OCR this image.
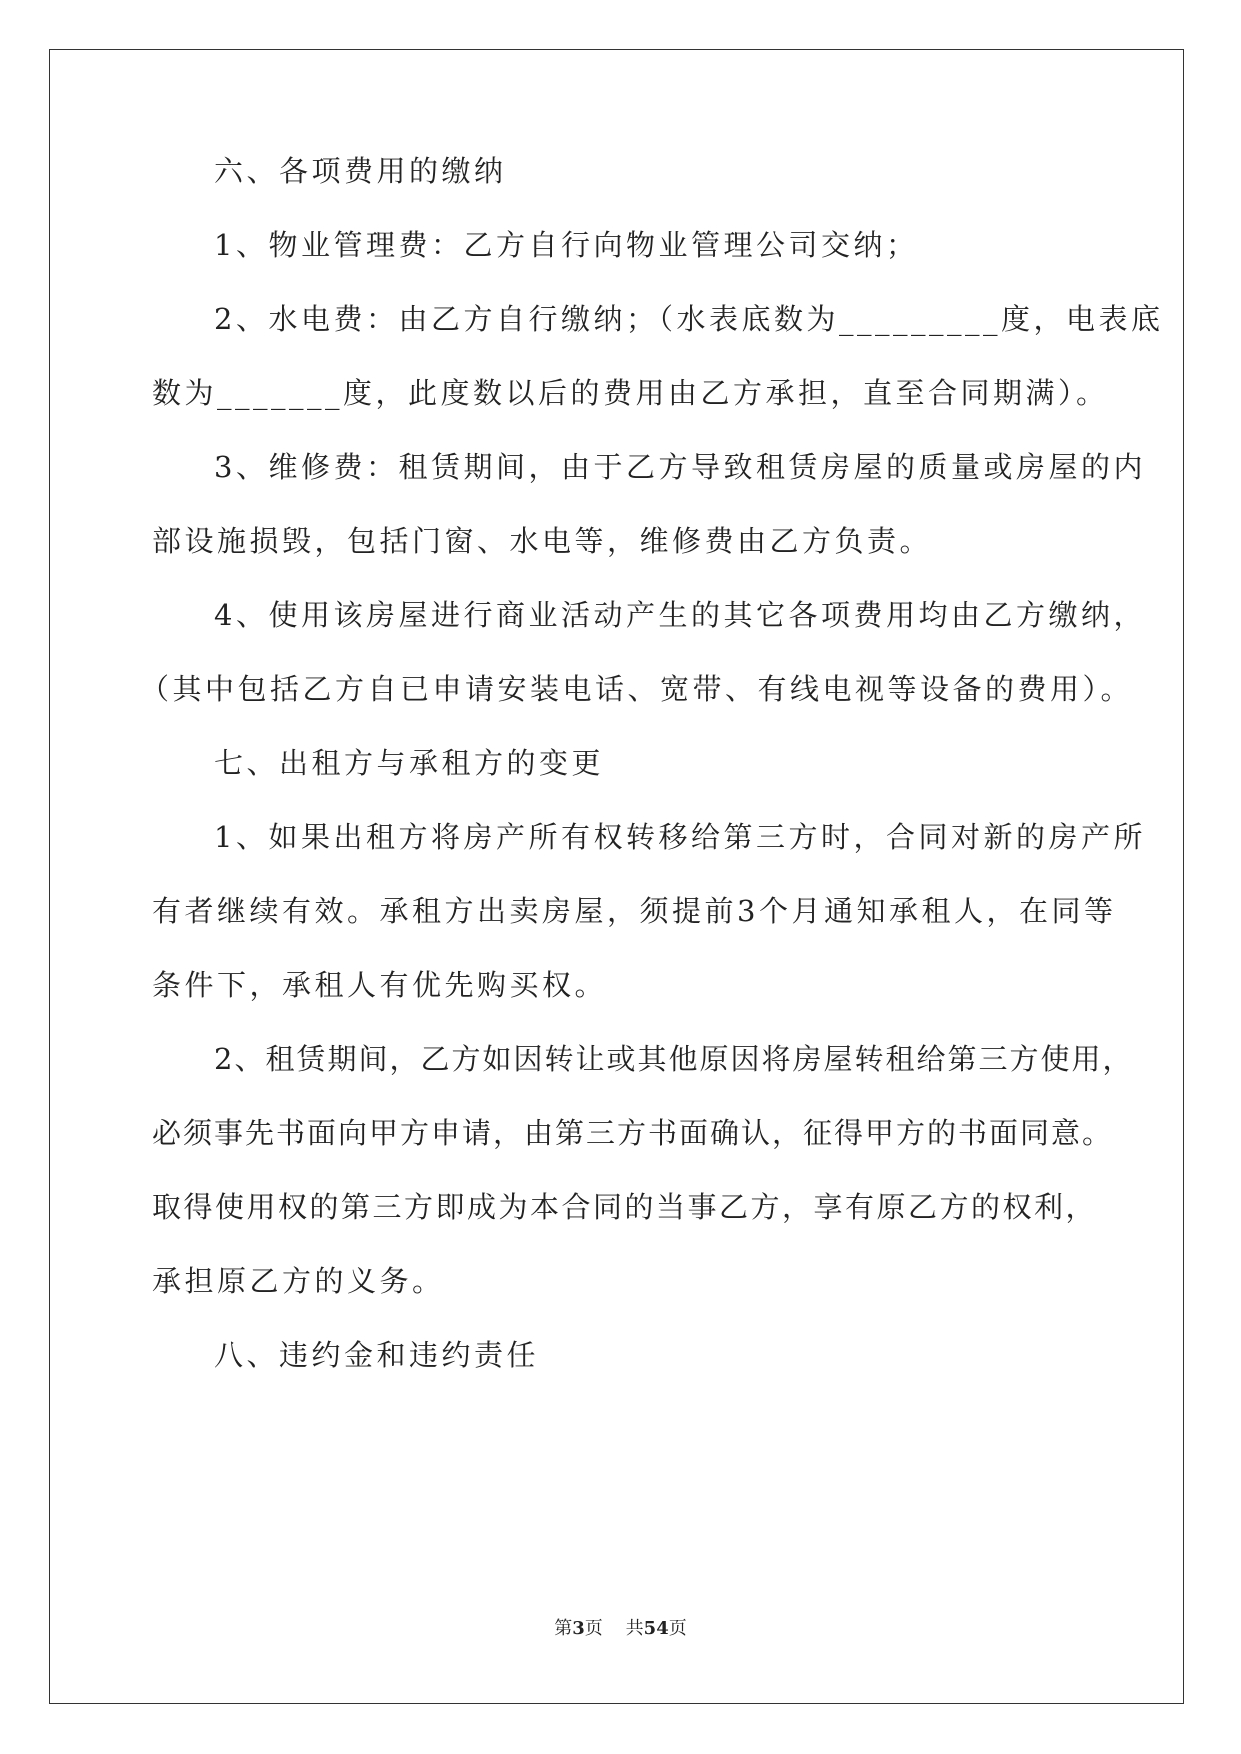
六、各项费用的缴纳
1、物业管理费：乙方自行向物业管理公司交纳；
2、水电费：由乙方自行缴纳；（水表底数为_________度，电表底
数为_______度，此度数以后的费用由乙方承担，直至合同期满）。
3、维修费：租赁期间，由于乙方导致租赁房屋的质量或房屋的内
部设施损毁，包括门窗、水电等，维修费由乙方负责。
4、使用该房屋进行商业活动产生的其它各项费用均由乙方缴纳，
（其中包括乙方自已申请安装电话、宽带、有线电视等设备的费用）。
七、出租方与承租方的变更
1、如果出租方将房产所有权转移给第三方时，合同对新的房产所
有者继续有效。承租方出卖房屋，须提前3个月通知承租人，在同等
条件下，承租人有优先购买权。
2、租赁期间，乙方如因转让或其他原因将房屋转租给第三方使用，
必须事先书面向甲方申请，由第三方书面确认，征得甲方的书面同意。
取得使用权的第三方即成为本合同的当事乙方，享有原乙方的权利，
承担原乙方的义务。
八、违约金和违约责任
第3页 共54页
